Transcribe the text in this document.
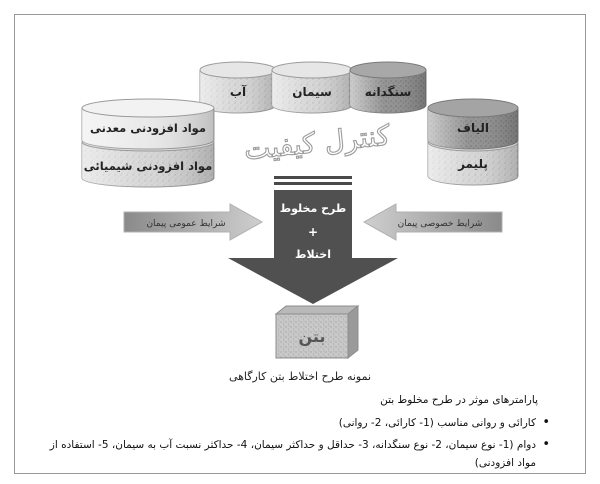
آب	سیمان	سنگدانه
مواد افزودنی شیمیائی
مواد افزودنی معدنی
پلیمر
الیاف
کنترل کیفیت
شرایط عمومی پیمان	شرایط خصوصی پیمان
طرح مخلوط
+
اختلاط
بتن
نمونه طرح اختلاط بتن کارگاهی

پارامترهای موثر در طرح مخلوط بتن

• کارائی و روانی مناسب (1- کارائی، 2- روانی)
• دوام (1- نوع سیمان، 2- نوع سنگدانه، 3- حداقل و حداکثر سیمان، 4- حداکثر نسبت آب به سیمان، 5- استفاده از مواد افزودنی)
